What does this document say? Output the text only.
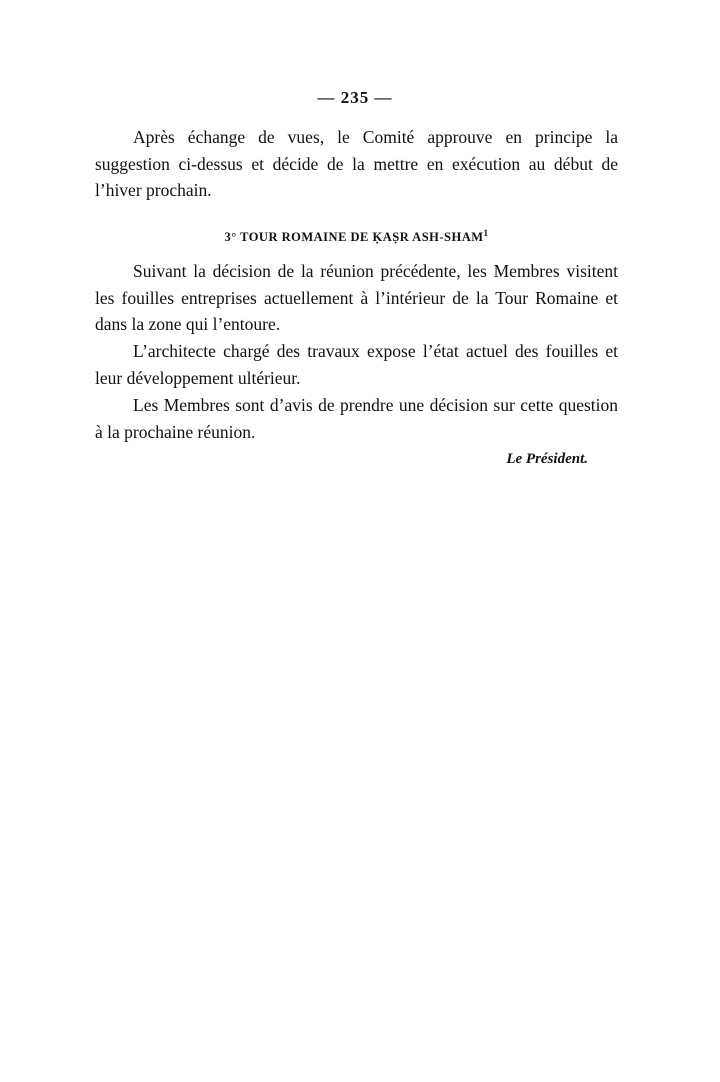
— 235 —
Après échange de vues, le Comité approuve en principe la suggestion ci-dessus et décide de la mettre en exécution au début de l’hiver prochain.
3° TOUR ROMAINE DE ḲAṢR ASH-SHAM$^1$
Suivant la décision de la réunion précédente, les Membres visitent les fouilles entreprises actuellement à l’intérieur de la Tour Romaine et dans la zone qui l’entoure.
L’architecte chargé des travaux expose l’état actuel des fouilles et leur développement ultérieur.
Les Membres sont d’avis de prendre une décision sur cette question à la prochaine réunion.
Le Président.
